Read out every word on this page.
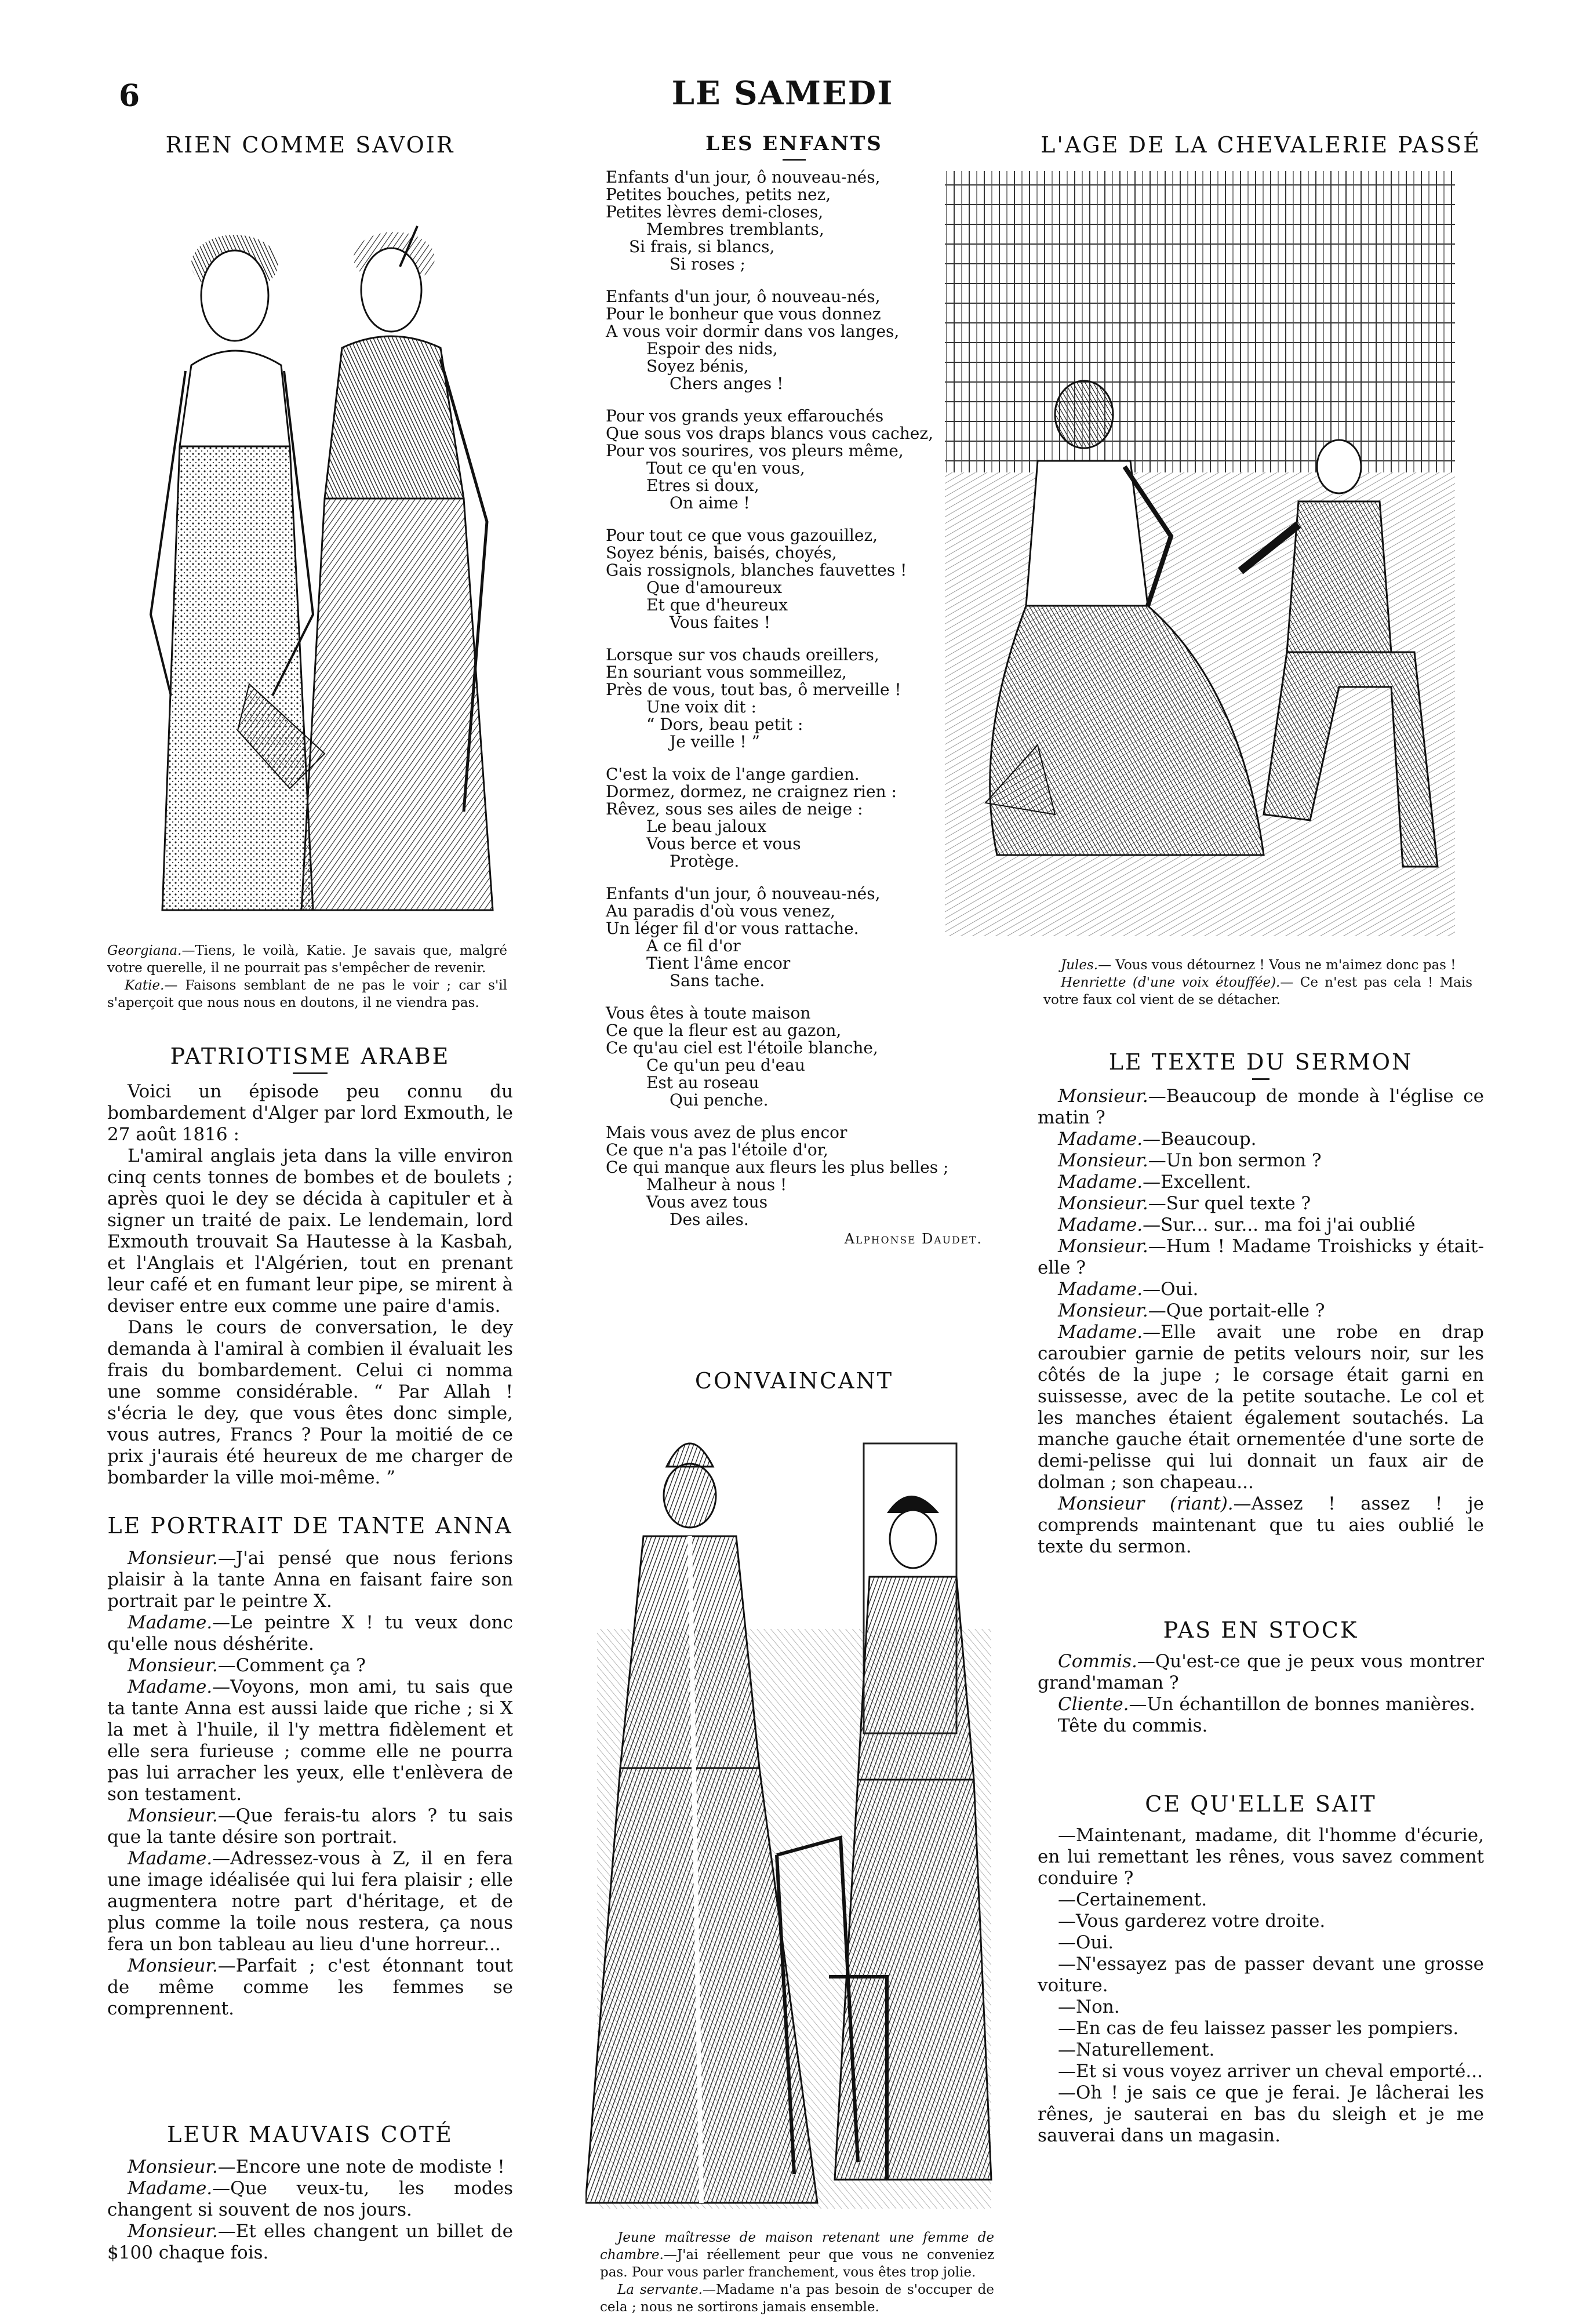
6	LE SAMEDI
RIEN COMME SAVOIR
Georgiana.—Tiens, le voilà, Katie. Je savais que, malgré votre querelle, il ne pourrait pas s'empêcher de revenir.
Katie.— Faisons semblant de ne pas le voir ; car s'il s'aperçoit que nous nous en doutons, il ne viendra pas.
PATRIOTISME ARABE

Voici un épisode peu connu du bombardement d'Alger par lord Exmouth, le 27 août 1816 :

L'amiral anglais jeta dans la ville environ cinq cents tonnes de bombes et de boulets ; après quoi le dey se décida à capituler et à signer un traité de paix. Le lendemain, lord Exmouth trouvait Sa Hautesse à la Kasbah, et l'Anglais et l'Algérien, tout en prenant leur café et en fumant leur pipe, se mirent à deviser entre eux comme une paire d'amis.

Dans le cours de conversation, le dey demanda à l'amiral à combien il évaluait les frais du bombardement. Celui ci nomma une somme considérable. “ Par Allah ! s'écria le dey, que vous êtes donc simple, vous autres, Francs ? Pour la moitié de ce prix j'aurais été heureux de me charger de bombarder la ville moi-même. ”

LE PORTRAIT DE TANTE ANNA

Monsieur.—J'ai pensé que nous ferions plaisir à la tante Anna en faisant faire son portrait par le peintre X.

Madame.—Le peintre X ! tu veux donc qu'elle nous déshérite.

Monsieur.—Comment ça ?

Madame.—Voyons, mon ami, tu sais que ta tante Anna est aussi laide que riche ; si X la met à l'huile, il l'y mettra fidèlement et elle sera furieuse ; comme elle ne pourra pas lui arracher les yeux, elle t'enlèvera de son testament.

Monsieur.—Que ferais-tu alors ? tu sais que la tante désire son portrait.

Madame.—Adressez-vous à Z, il en fera une image idéalisée qui lui fera plaisir ; elle augmentera notre part d'héritage, et de plus comme la toile nous restera, ça nous fera un bon tableau au lieu d'une horreur...

Monsieur.—Parfait ; c'est étonnant tout de même comme les femmes se comprennent.

LEUR MAUVAIS COTÉ

Monsieur.—Encore une note de modiste !

Madame.—Que veux-tu, les modes changent si souvent de nos jours.

Monsieur.—Et elles changent un billet de $100 chaque fois.

LES ENFANTS
Enfants d'un jour, ô nouveau-nés,
Petites bouches, petits nez,
Petites lèvres demi-closes,
Membres tremblants,
Si frais, si blancs,
Si roses ;
Enfants d'un jour, ô nouveau-nés,
Pour le bonheur que vous donnez
A vous voir dormir dans vos langes,
Espoir des nids,
Soyez bénis,
Chers anges !
Pour vos grands yeux effarouchés
Que sous vos draps blancs vous cachez,
Pour vos sourires, vos pleurs même,
Tout ce qu'en vous,
Etres si doux,
On aime !
Pour tout ce que vous gazouillez,
Soyez bénis, baisés, choyés,
Gais rossignols, blanches fauvettes !
Que d'amoureux
Et que d'heureux
Vous faites !
Lorsque sur vos chauds oreillers,
En souriant vous sommeillez,
Près de vous, tout bas, ô merveille !
Une voix dit :
“ Dors, beau petit :
Je veille ! ”
C'est la voix de l'ange gardien.
Dormez, dormez, ne craignez rien :
Rêvez, sous ses ailes de neige :
Le beau jaloux
Vous berce et vous
Protège.
Enfants d'un jour, ô nouveau-nés,
Au paradis d'où vous venez,
Un léger fil d'or vous rattache.
A ce fil d'or
Tient l'âme encor
Sans tache.
Vous êtes à toute maison
Ce que la fleur est au gazon,
Ce qu'au ciel est l'étoile blanche,
Ce qu'un peu d'eau
Est au roseau
Qui penche.
Mais vous avez de plus encor
Ce que n'a pas l'étoile d'or,
Ce qui manque aux fleurs les plus belles ;
Malheur à nous !
Vous avez tous
Des ailes.
Alphonse Daudet.
CONVAINCANT
Jeune maîtresse de maison retenant une femme de chambre.—J'ai réellement peur que vous ne conveniez pas. Pour vous parler franchement, vous êtes trop jolie.
La servante.—Madame n'a pas besoin de s'occuper de cela ; nous ne sortirons jamais ensemble.
L'AGE DE LA CHEVALERIE PASSÉ
Jules.— Vous vous détournez ! Vous ne m'aimez donc pas !
Henriette (d'une voix étouffée).— Ce n'est pas cela ! Mais votre faux col vient de se détacher.
LE TEXTE DU SERMON

Monsieur.—Beaucoup de monde à l'église ce matin ?

Madame.—Beaucoup.

Monsieur.—Un bon sermon ?

Madame.—Excellent.

Monsieur.—Sur quel texte ?

Madame.—Sur... sur... ma foi j'ai oublié

Monsieur.—Hum ! Madame Troishicks y était-elle ?

Madame.—Oui.

Monsieur.—Que portait-elle ?

Madame.—Elle avait une robe en drap caroubier garnie de petits velours noir, sur les côtés de la jupe ; le corsage était garni en suissesse, avec de la petite soutache. Le col et les manches étaient également soutachés. La manche gauche était ornementée d'une sorte de demi-pelisse qui lui donnait un faux air de dolman ; son chapeau...

Monsieur (riant).—Assez ! assez ! je comprends maintenant que tu aies oublié le texte du sermon.

PAS EN STOCK

Commis.—Qu'est-ce que je peux vous montrer grand'maman ?

Cliente.—Un échantillon de bonnes manières.

Tête du commis.

CE QU'ELLE SAIT

—Maintenant, madame, dit l'homme d'écurie, en lui remettant les rênes, vous savez comment conduire ?

—Certainement.

—Vous garderez votre droite.

—Oui.

—N'essayez pas de passer devant une grosse voiture.

—Non.

—En cas de feu laissez passer les pompiers.

—Naturellement.

—Et si vous voyez arriver un cheval emporté...

—Oh ! je sais ce que je ferai. Je lâcherai les rênes, je sauterai en bas du sleigh et je me sauverai dans un magasin.
